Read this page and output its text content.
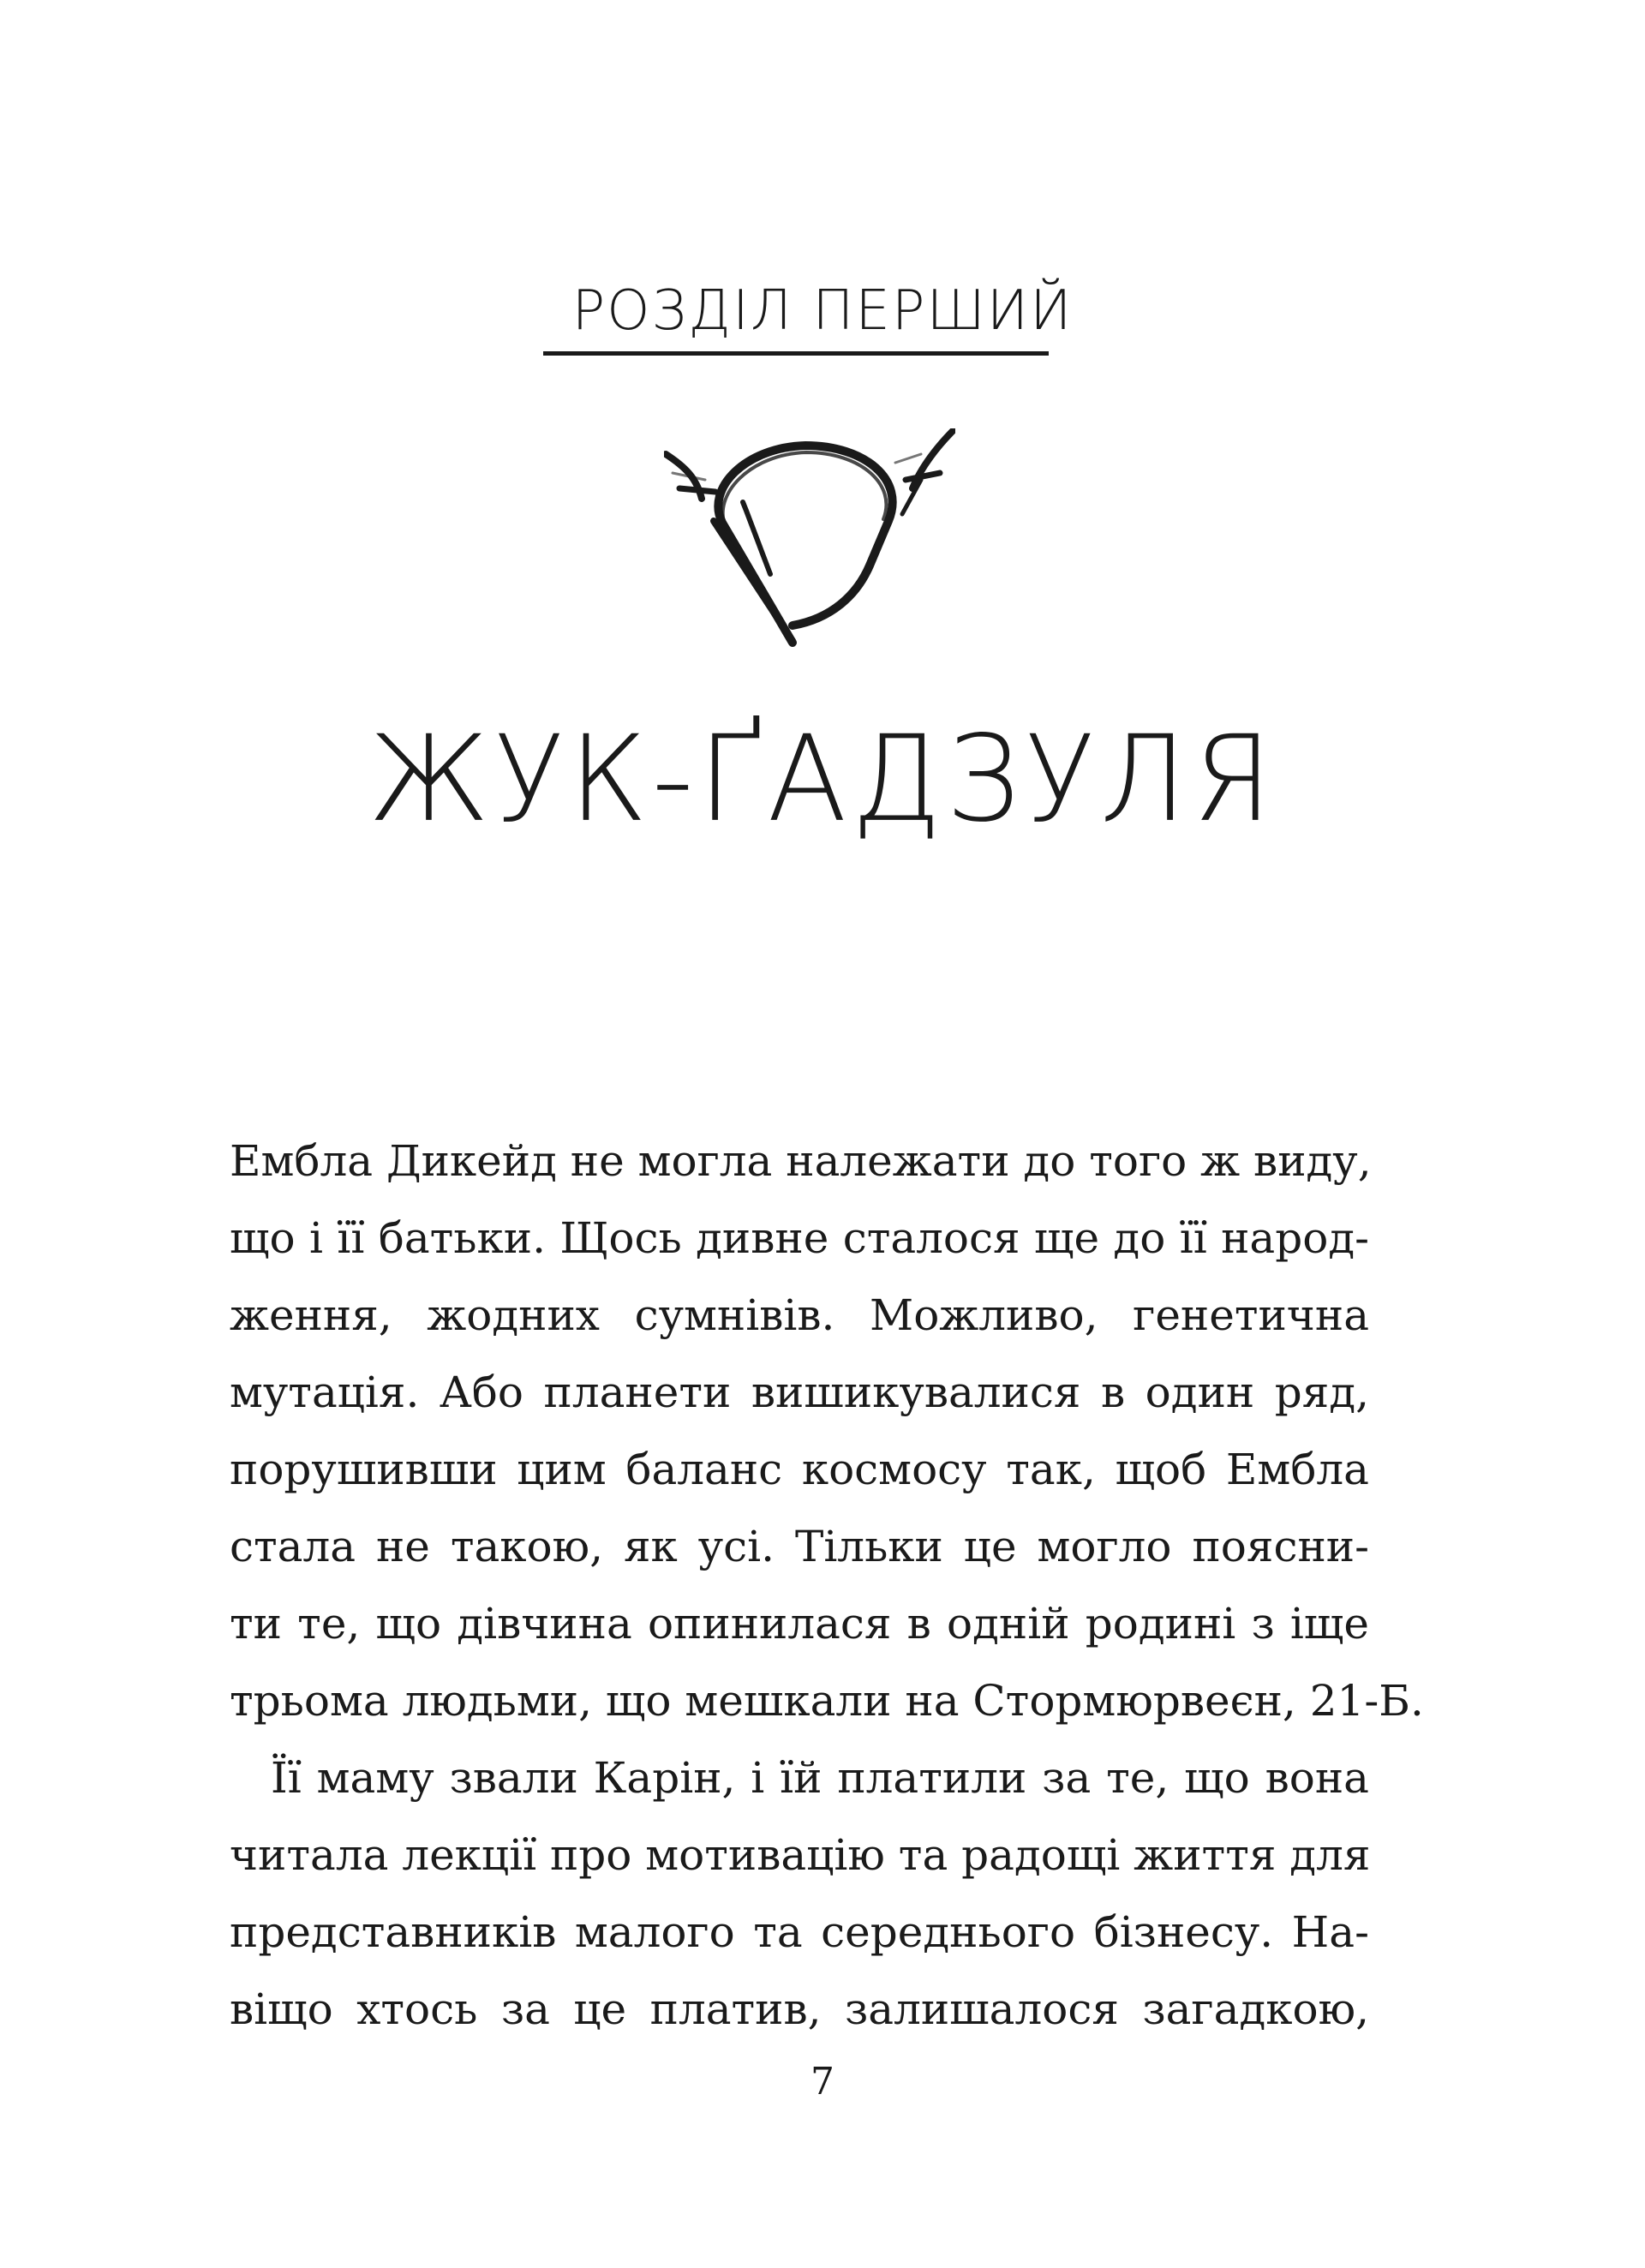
РОЗДІЛ ПЕРШИЙ
ЖУК-ҐАДЗУЛЯ
Ембла Дикейд не могла належати до того ж виду,
що і її батьки. Щось дивне сталося ще до її народ-
ження, жодних сумнівів. Можливо, генетична
мутація. Або планети вишикувалися в один ряд,
порушивши цим баланс космосу так, щоб Ембла
стала не такою, як усі. Тільки це могло поясни-
ти те, що дівчина опинилася в одній родині з іще
трьома людьми, що мешкали на Стормюрвеєн, 21-Б.
Її маму звали Карін, і їй платили за те, що вона
читала лекції про мотивацію та радощі життя для
представників малого та середнього бізнесу. На-
віщо хтось за це платив, залишалося загадкою,
7
